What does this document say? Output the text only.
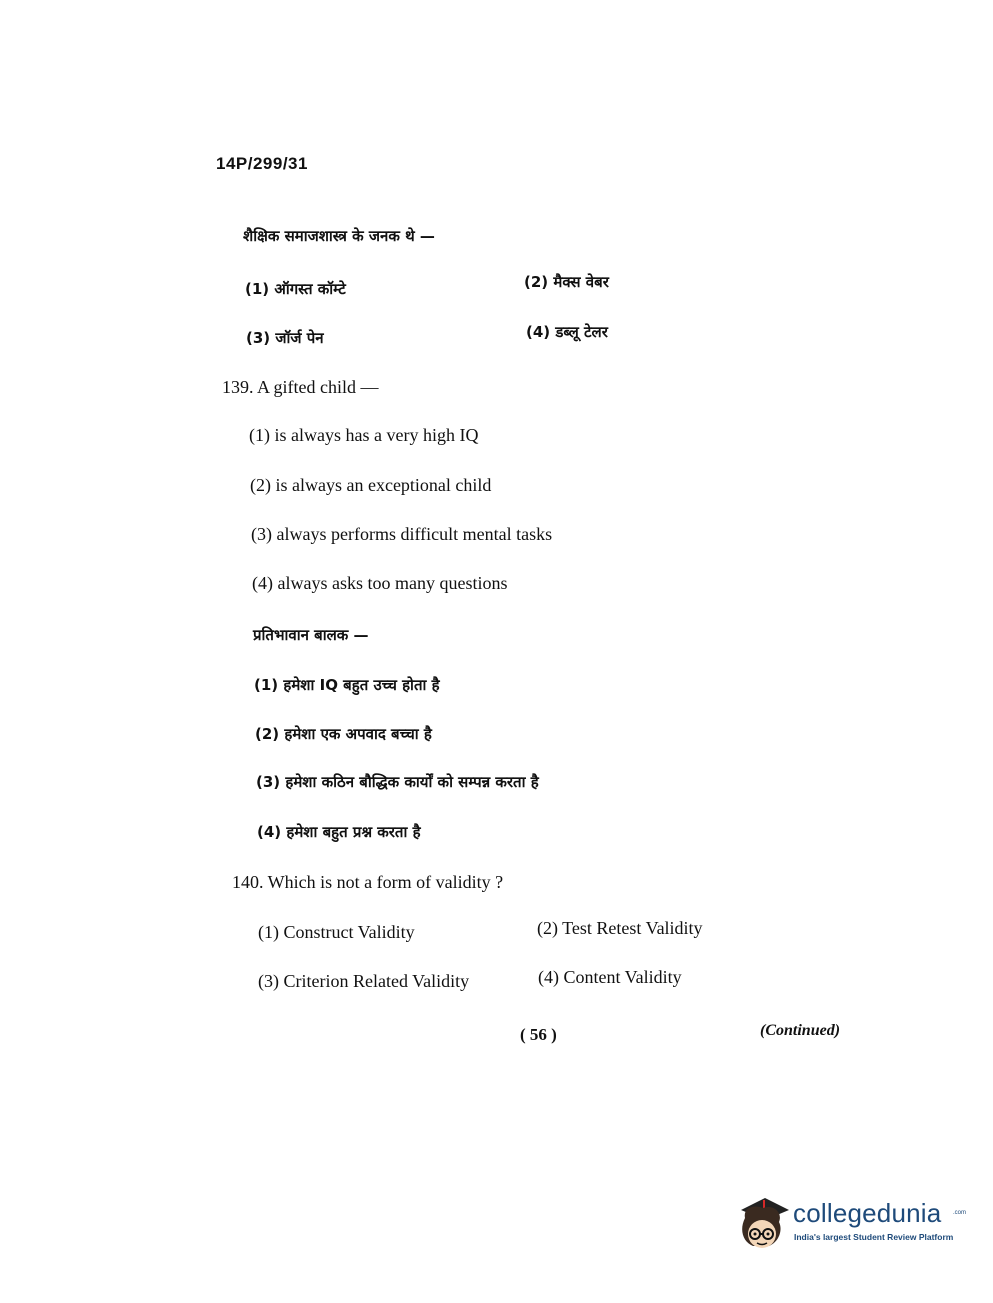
14P/299/31
शैक्षिक समाजशास्त्र के जनक थे —
(1) ऑगस्त कॉम्टे	(2) मैक्स वेबर
(3) जॉर्ज पेन	(4) डब्लू टेलर
139. A gifted child —
(1) is always has a very high IQ
(2) is always an exceptional child
(3) always performs difficult mental tasks
(4) always asks too many questions
प्रतिभावान बालक —
(1) हमेशा IQ बहुत उच्च होता है
(2) हमेशा एक अपवाद बच्चा है
(3) हमेशा कठिन बौद्धिक कार्यों को सम्पन्न करता है
(4) हमेशा बहुत प्रश्न करता है
140. Which is not a form of validity ?
(1) Construct Validity	(2) Test Retest Validity
(3) Criterion Related Validity	(4) Content Validity
( 56 )	(Continued)
collegedunia .com
India's largest Student Review Platform
